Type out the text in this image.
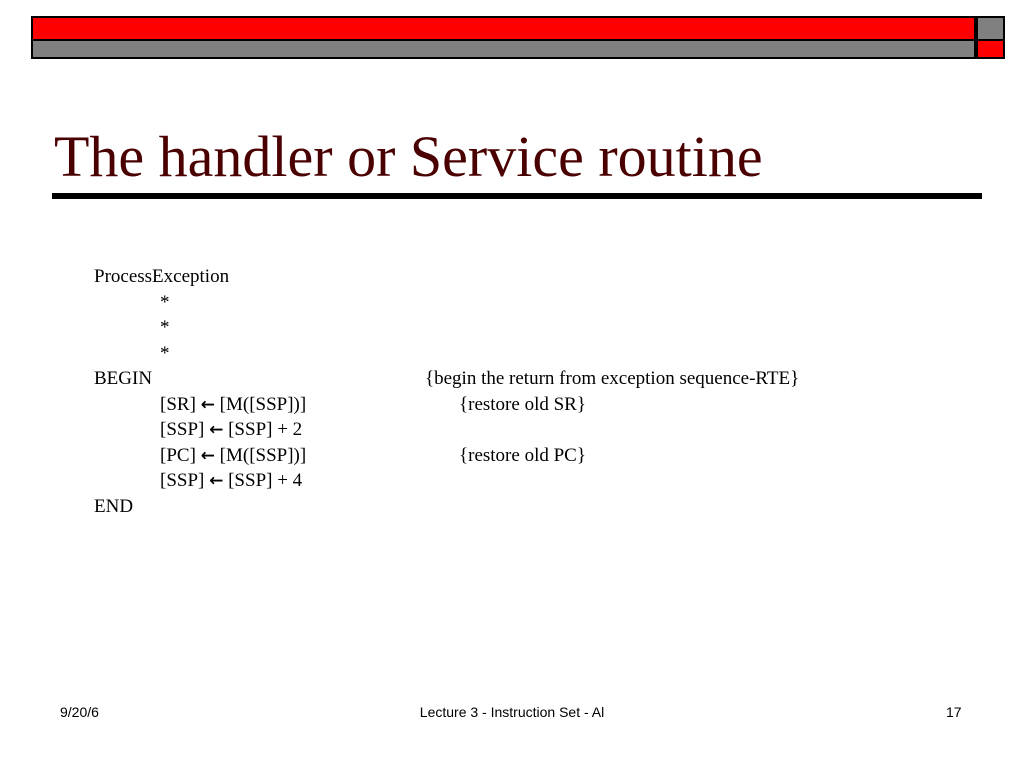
The handler or Service routine
ProcessException
*
*
*
BEGIN	{begin the return from exception sequence-RTE}
[SR] ← [M([SSP])]	{restore old SR}
[SSP] ← [SSP] + 2
[PC] ← [M([SSP])]	{restore old PC}
[SSP] ← [SSP] + 4
END
9/20/6	Lecture 3 - Instruction Set - Al	17
